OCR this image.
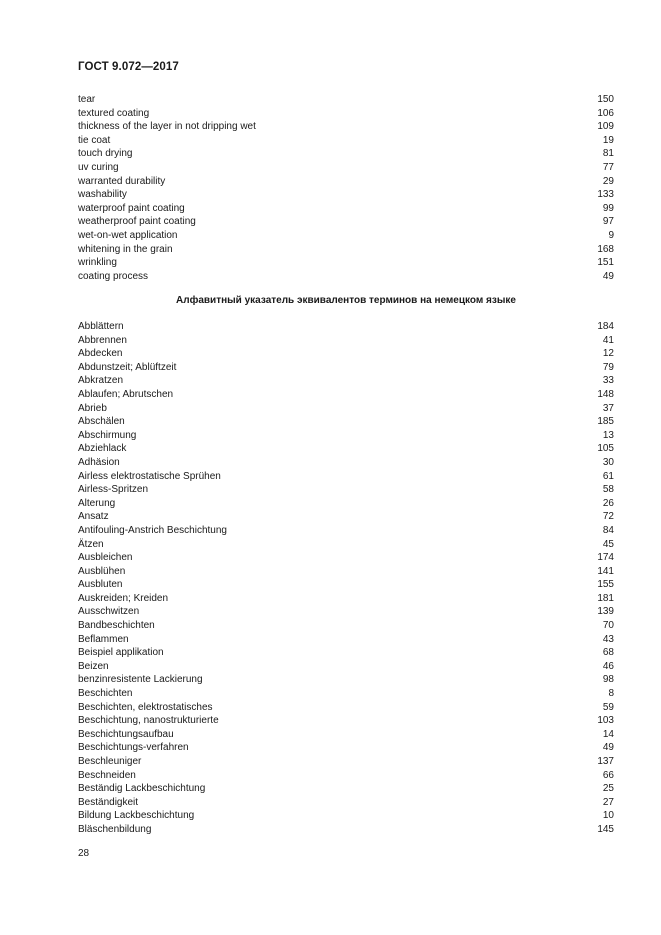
ГОСТ 9.072—2017
tear	150
textured coating	106
thickness of the layer in not dripping wet	109
tie coat	19
touch drying	81
uv curing	77
warranted durability	29
washability	133
waterproof paint coating	99
weatherproof paint coating	97
wet-on-wet application	9
whitening in the grain	168
wrinkling	151
coating process	49
Алфавитный указатель эквивалентов терминов на немецком языке
Abblättern	184
Abbrennen	41
Abdecken	12
Abdunstzeit; Ablüftzeit	79
Abkratzen	33
Ablaufen; Abrutschen	148
Abrieb	37
Abschälen	185
Abschirmung	13
Abziehlack	105
Adhäsion	30
Airless elektrostatische Sprühen	61
Airless-Spritzen	58
Alterung	26
Ansatz	72
Antifouling-Anstrich Beschichtung	84
Ätzen	45
Ausbleichen	174
Ausblühen	141
Ausbluten	155
Auskreiden; Kreiden	181
Ausschwitzen	139
Bandbeschichten	70
Beflammen	43
Beispiel applikation	68
Beizen	46
benzinresistente Lackierung	98
Beschichten	8
Beschichten, elektrostatisches	59
Beschichtung, nanostrukturierte	103
Beschichtungsaufbau	14
Beschichtungs-verfahren	49
Beschleuniger	137
Beschneiden	66
Beständig Lackbeschichtung	25
Beständigkeit	27
Bildung Lackbeschichtung	10
Bläschenbildung	145
28
